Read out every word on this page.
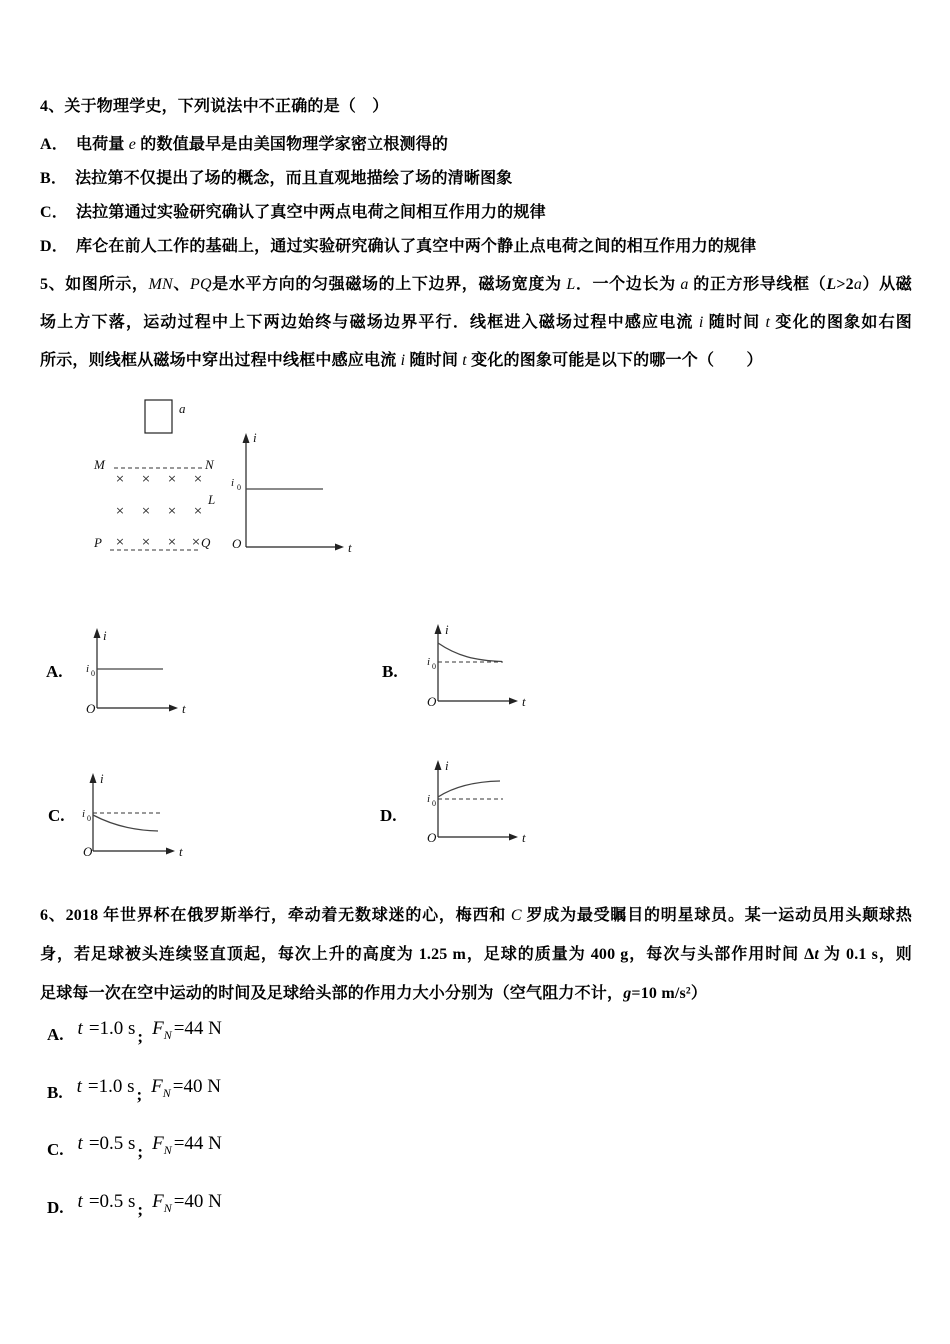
4、关于物理学史，下列说法中不正确的是（　）
A． 电荷量 e 的数值最早是由美国物理学家密立根测得的
B． 法拉第不仅提出了场的概念，而且直观地描绘了场的清晰图象
C． 法拉第通过实验研究确认了真空中两点电荷之间相互作用力的规律
D． 库仑在前人工作的基础上，通过实验研究确认了真空中两个静止点电荷之间的相互作用力的规律
5、如图所示，MN、PQ是水平方向的匀强磁场的上下边界，磁场宽度为 L．一个边长为 a 的正方形导线框（L>2a）从磁
场上方下落，运动过程中上下两边始终与磁场边界平行．线框进入磁场过程中感应电流 i 随时间 t 变化的图象如右图
所示，则线框从磁场中穿出过程中线框中感应电流 i 随时间 t 变化的图象可能是以下的哪一个（　　）
a
M	N
× × × ×
× × × ×
L
P × × × × Q
i
i 0
O	t
A.
i
i 0
O	t
B.
i
i 0
O	t
C.
i
i 0
O	t
D.
i
i 0
O	t
6、2018 年世界杯在俄罗斯举行，牵动着无数球迷的心，梅西和 C 罗成为最受瞩目的明星球员。某一运动员用头颠球热
身，若足球被头连续竖直顶起，每次上升的高度为 1.25 m，足球的质量为 400 g，每次与头部作用时间 Δt 为 0.1 s，则
足球每一次在空中运动的时间及足球给头部的作用力大小分别为（空气阻力不计，g=10 m/s²）
A. t =1.0 s ; $F_N =44$ N
B. t =1.0 s ; $F_N =40$ N
C. t =0.5 s ; $F_N =44$ N
D. t =0.5 s ; $F_N =40$ N
